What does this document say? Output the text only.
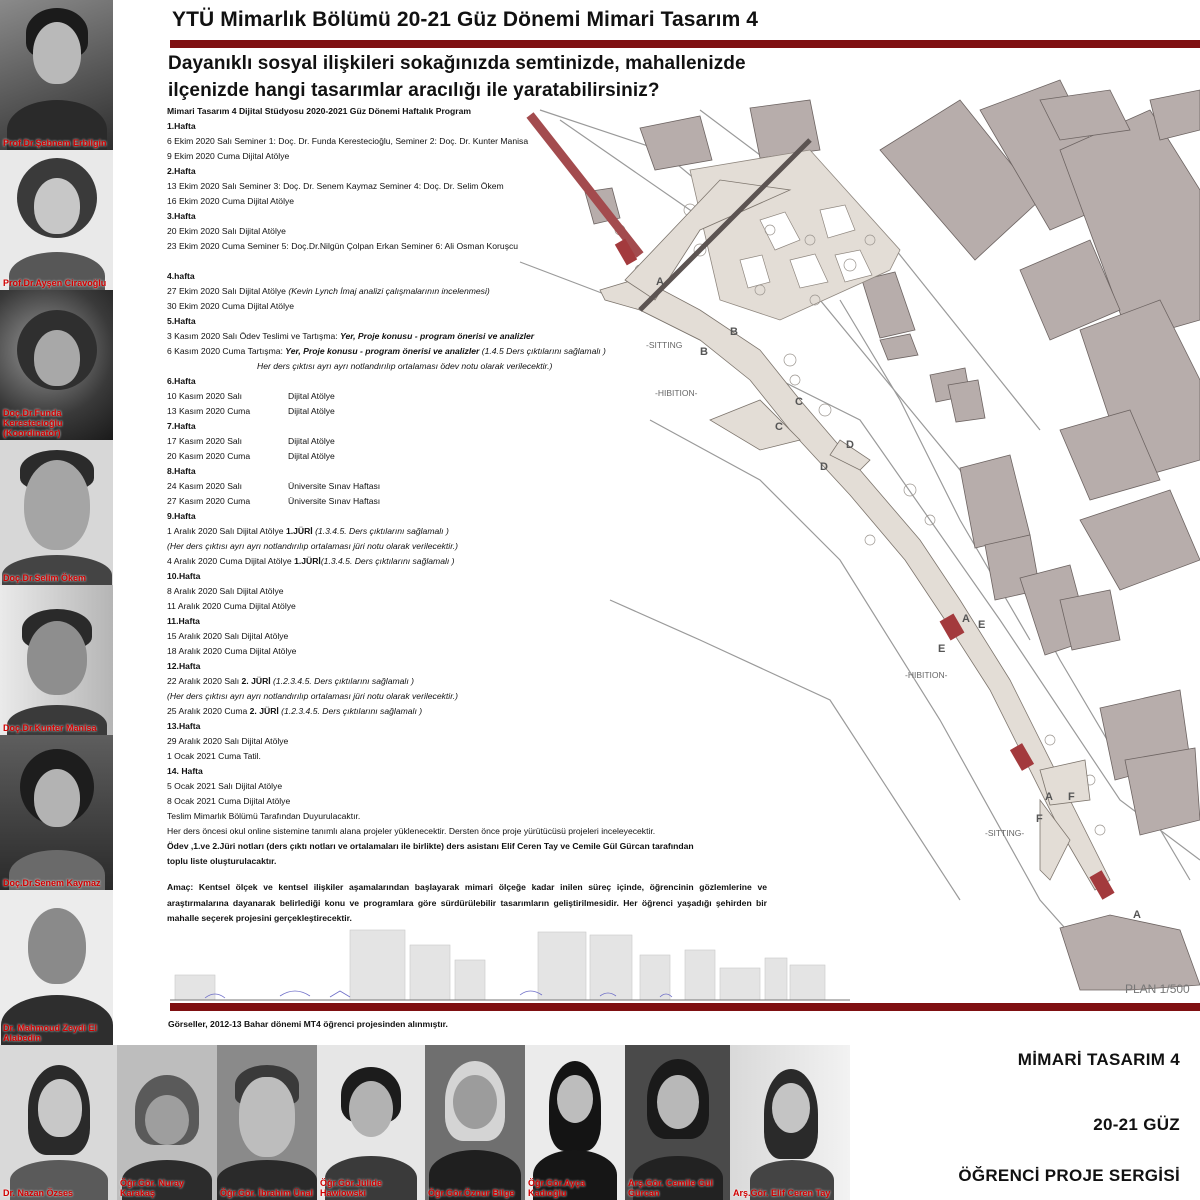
A
B
B
C
C
D
D
E
E
A
F
F
A
A
-SITTING
-HIBITION-
-HIBITION-
-SITTING-
PLAN 1/500
YTÜ Mimarlık Bölümü 20-21 Güz Dönemi Mimari Tasarım 4
Dayanıklı sosyal ilişkileri sokağınızda semtinizde, mahallenizde
ilçenizde hangi tasarımlar aracılığı ile yaratabilirsiniz?
Mimari Tasarım 4 Dijital Stüdyosu 2020-2021 Güz Dönemi Haftalık Program
1.Hafta
6 Ekim 2020 Salı Seminer 1: Doç. Dr. Funda Kerestecioğlu, Seminer 2: Doç. Dr. Kunter Manisa
9 Ekim 2020 Cuma Dijital Atölye
2.Hafta
13 Ekim 2020 Salı Seminer 3: Doç. Dr. Senem Kaymaz Seminer 4: Doç. Dr. Selim Ökem
16 Ekim 2020 Cuma Dijital Atölye
3.Hafta
20 Ekim 2020 Salı Dijital Atölye
23 Ekim 2020 Cuma Seminer 5: Doç.Dr.Nilgün Çolpan Erkan Seminer 6: Ali Osman Koruşcu
4.hafta
27 Ekim 2020 Salı Dijital Atölye (Kevin Lynch İmaj analizi çalışmalarının incelenmesi)
30 Ekim 2020 Cuma Dijital Atölye
5.Hafta
3 Kasım 2020 Salı Ödev Teslimi ve Tartışma: Yer, Proje konusu - program önerisi ve analizler
6 Kasım 2020 Cuma Tartışma: Yer, Proje konusu - program önerisi ve analizler (1.4.5 Ders çıktılarını sağlamalı )
Her ders çıktısı ayrı ayrı notlandırılıp ortalaması ödev notu olarak verilecektir.)
6.Hafta
10 Kasım 2020 Salı	Dijital Atölye
13 Kasım 2020 Cuma	Dijital Atölye
7.Hafta
17 Kasım 2020 Salı	Dijital Atölye
20 Kasım 2020 Cuma	Dijital Atölye
8.Hafta
24 Kasım 2020 Salı	Üniversite Sınav Haftası
27 Kasım 2020 Cuma	Üniversite Sınav Haftası
9.Hafta
1 Aralık 2020 Salı Dijital Atölye 1.JÜRİ (1.3.4.5. Ders çıktılarını sağlamalı )
(Her ders çıktısı ayrı ayrı notlandırılıp ortalaması jüri notu olarak verilecektir.)
4 Aralık 2020 Cuma Dijital Atölye 1.JÜRİ(1.3.4.5. Ders çıktılarını sağlamalı )
10.Hafta
8 Aralık 2020 Salı Dijital Atölye
11 Aralık 2020 Cuma Dijital Atölye
11.Hafta
15 Aralık 2020 Salı Dijital Atölye
18 Aralık 2020 Cuma Dijital Atölye
12.Hafta
22 Aralık 2020 Salı 2. JÜRİ (1.2.3.4.5. Ders çıktılarını sağlamalı )
(Her ders çıktısı ayrı ayrı notlandırılıp ortalaması jüri notu olarak verilecektir.)
25 Aralık 2020 Cuma 2. JÜRİ (1.2.3.4.5. Ders çıktılarını sağlamalı )
13.Hafta
29 Aralık 2020 Salı Dijital Atölye
1 Ocak 2021 Cuma Tatil.
14. Hafta
5 Ocak 2021 Salı Dijital Atölye
8 Ocak 2021 Cuma Dijital Atölye
Teslim Mimarlık Bölümü Tarafından Duyurulacaktır.
Her ders öncesi okul online sistemine tanımlı alana projeler yüklenecektir. Dersten önce proje yürütücüsü projeleri inceleyecektir.
Ödev ,1.ve 2.Jüri notları (ders çıktı notları ve ortalamaları ile birlikte) ders asistanı Elif Ceren Tay ve Cemile Gül Gürcan tarafından
toplu liste oluşturulacaktır.
Amaç: Kentsel ölçek ve kentsel ilişkiler aşamalarından başlayarak mimari ölçeğe kadar inilen süreç içinde, öğrencinin gözlemlerine ve araştırmalarına dayanarak belirlediği konu ve programlara göre sürdürülebilir tasarımların geliştirilmesidir. Her öğrenci yaşadığı şehirden bir mahalle seçerek projesini gerçekleştirecektir.
Görseller, 2012-13 Bahar dönemi MT4 öğrenci projesinden alınmıştır.
Prof.Dr.Şebnem Erbilgin
Prof.Dr.Ayşen Ciravoğlu
Doç.Dr.Funda Kerestecioğlu (Koordinatör)
Doç.Dr.Selim Ökem
Doç.Dr.Kunter Manisa
Doç.Dr.Senem Kaymaz
Dr. Mahmoud Zeydi El Alabedin
Dr. Nazan Özses
Öğr.Gör. Nuray Karakaş	Öğr.Gör. İbrahim Ünal
Öğr.Gör.Jülide Hawlowski	Öğr.Gör.Öznur Bilge
Öğr.Gör.Ayça Kadıoğlu
Arş.Gör. Cemile Gül Gürcan	Arş.Gör. Elif Ceren Tay
MİMARİ TASARIM 4
20-21 GÜZ
ÖĞRENCİ PROJE SERGİSİ
